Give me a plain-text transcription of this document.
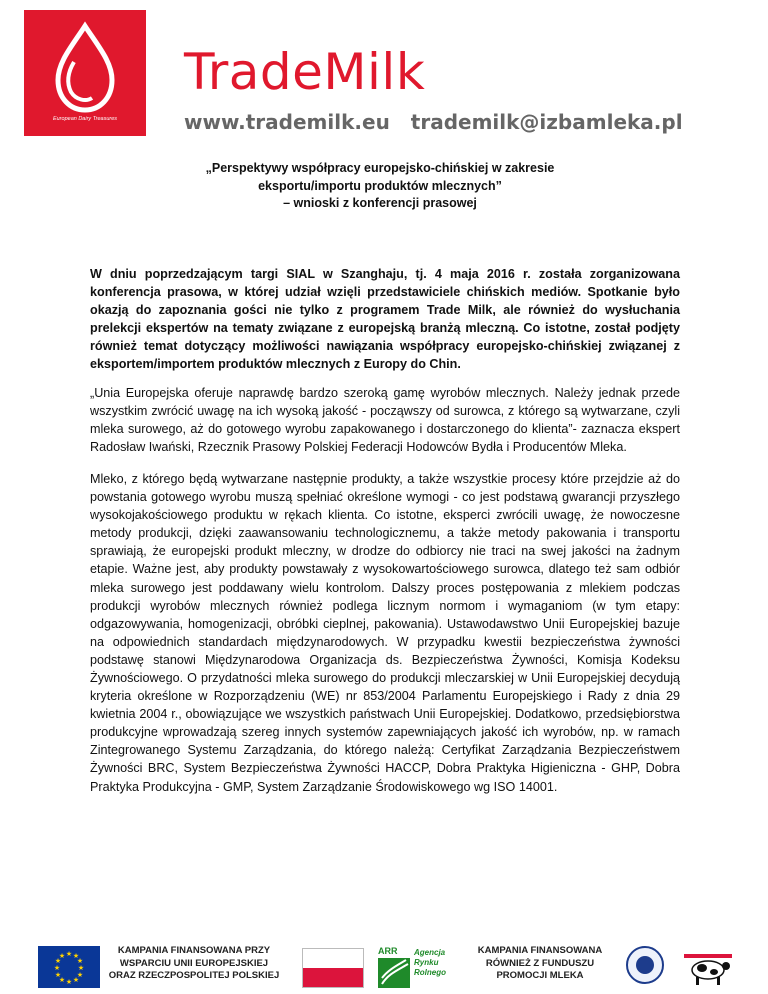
European Dairy Treasures
TradeMilk
www.trademilk.eu trademilk@izbamleka.pl
„Perspektywy współpracy europejsko-chińskiej w zakresie
eksportu/importu produktów mlecznych”
– wnioski z konferencji prasowej

W dniu poprzedzającym targi SIAL w Szanghaju, tj. 4 maja 2016 r. została zorganizowana konferencja prasowa, w której udział wzięli przedstawiciele chińskich mediów. Spotkanie było okazją do zapoznania gości nie tylko z programem Trade Milk, ale również do wysłuchania prelekcji ekspertów na tematy związane z europejską branżą mleczną. Co istotne, został podjęty również temat dotyczący możliwości nawiązania współpracy europejsko-chińskiej związanej z eksportem/importem produktów mlecznych z Europy do Chin.

„Unia Europejska oferuje naprawdę bardzo szeroką gamę wyrobów mlecznych. Należy jednak przede wszystkim zwrócić uwagę na ich wysoką jakość - począwszy od surowca, z którego są wytwarzane, czyli mleka surowego, aż do gotowego wyrobu zapakowanego i dostarczonego do klienta”- zaznacza ekspert Radosław Iwański, Rzecznik Prasowy Polskiej Federacji Hodowców Bydła i Producentów Mleka.

Mleko, z którego będą wytwarzane następnie produkty, a także wszystkie procesy które przejdzie aż do powstania gotowego wyrobu muszą spełniać określone wymogi - co jest podstawą gwarancji przyszłego wysokojakościowego produktu w rękach klienta. Co istotne, eksperci zwrócili uwagę, że nowoczesne metody produkcji, dzięki zaawansowaniu technologicznemu, a także metody pakowania i transportu sprawiają, że europejski produkt mleczny, w drodze do odbiorcy nie traci na swej jakości na żadnym etapie. Ważne jest, aby produkty powstawały z wysokowartościowego surowca, dlatego też sam odbiór mleka surowego jest poddawany wielu kontrolom. Dalszy proces postępowania z mlekiem podczas produkcji wyrobów mlecznych również podlega licznym normom i wymaganiom (w tym etapy: odgazowywania, homogenizacji, obróbki cieplnej, pakowania). Ustawodawstwo Unii Europejskiej bazuje na odpowiednich standardach międzynarodowych. W przypadku kwestii bezpieczeństwa żywności podstawę stanowi Międzynarodowa Organizacja ds. Bezpieczeństwa Żywności, Komisja Kodeksu Żywnościowego. O przydatności mleka surowego do produkcji mleczarskiej w Unii Europejskiej decydują kryteria określone w Rozporządzeniu (WE) nr 853/2004 Parlamentu Europejskiego i Rady z dnia 29 kwietnia 2004 r., obowiązujące we wszystkich państwach Unii Europejskiej. Dodatkowo, przedsiębiorstwa produkcyjne wprowadzają szereg innych systemów zapewniających jakość ich wyrobów, np. w ramach Zintegrowanego Systemu Zarządzania, do którego należą: Certyfikat Zarządzania Bezpieczeństwem Żywności BRC, System Bezpieczeństwa Żywności HACCP, Dobra Praktyka Higieniczna - GHP, Dobra Praktyka Produkcyjna - GMP, System Zarządzanie Środowiskowego wg ISO 14001.

★ ★
★
★
★
★
★
★
★
★
★
★	KAMPANIA FINANSOWANA PRZY WSPARCIU UNII EUROPEJSKIEJ ORAZ RZECZPOSPOLITEJ POLSKIEJ
ARR Agencja Rynku Rolnego
KAMPANIA FINANSOWANA RÓWNIEŻ Z FUNDUSZU PROMOCJI MLEKA
